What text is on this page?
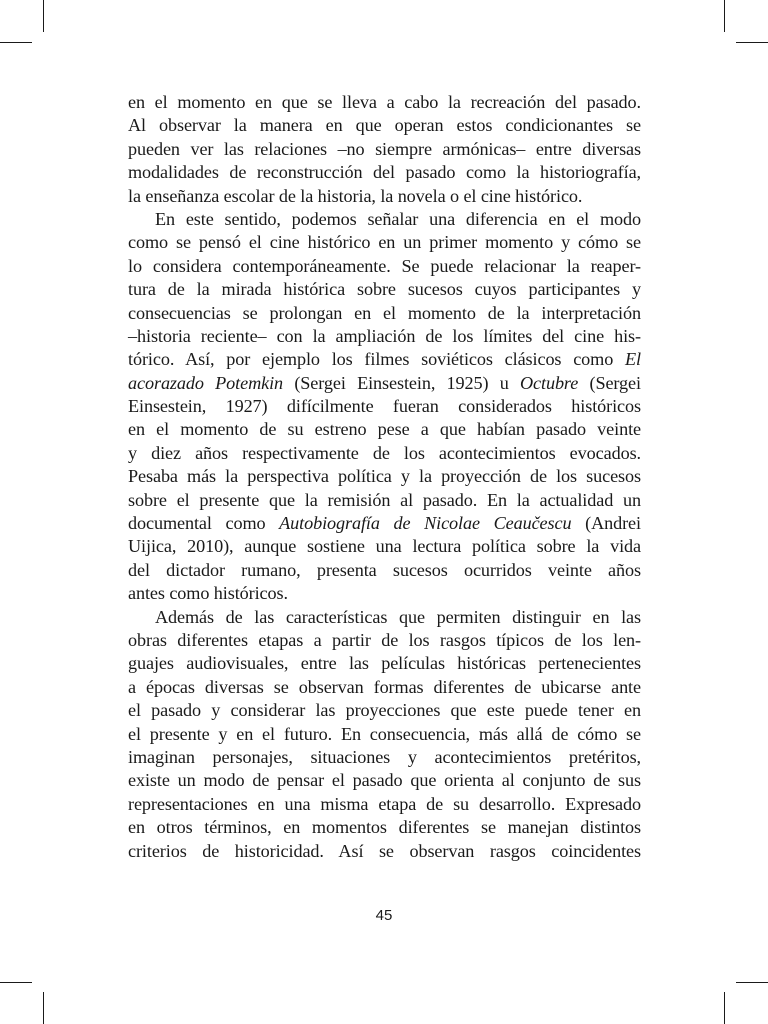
en el momento en que se lleva a cabo la recreación del pasado.
Al observar la manera en que operan estos condicionantes se
pueden ver las relaciones –no siempre armónicas– entre diversas
modalidades de reconstrucción del pasado como la historiografía,
la enseñanza escolar de la historia, la novela o el cine histórico.
En este sentido, podemos señalar una diferencia en el modo
como se pensó el cine histórico en un primer momento y cómo se
lo considera contemporáneamente. Se puede relacionar la reaper-
tura de la mirada histórica sobre sucesos cuyos participantes y
consecuencias se prolongan en el momento de la interpretación
–historia reciente– con la ampliación de los límites del cine his-
tórico. Así, por ejemplo los filmes soviéticos clásicos como El
acorazado Potemkin (Sergei Einsestein, 1925) u Octubre (Sergei
Einsestein, 1927) difícilmente fueran considerados históricos
en el momento de su estreno pese a que habían pasado veinte
y diez años respectivamente de los acontecimientos evocados.
Pesaba más la perspectiva política y la proyección de los sucesos
sobre el presente que la remisión al pasado. En la actualidad un
documental como Autobiografía de Nicolae Ceaučescu (Andrei
Uijica, 2010), aunque sostiene una lectura política sobre la vida
del dictador rumano, presenta sucesos ocurridos veinte años
antes como históricos.
Además de las características que permiten distinguir en las
obras diferentes etapas a partir de los rasgos típicos de los len-
guajes audiovisuales, entre las películas históricas pertenecientes
a épocas diversas se observan formas diferentes de ubicarse ante
el pasado y considerar las proyecciones que este puede tener en
el presente y en el futuro. En consecuencia, más allá de cómo se
imaginan personajes, situaciones y acontecimientos pretéritos,
existe un modo de pensar el pasado que orienta al conjunto de sus
representaciones en una misma etapa de su desarrollo. Expresado
en otros términos, en momentos diferentes se manejan distintos
criterios de historicidad. Así se observan rasgos coincidentes
45
